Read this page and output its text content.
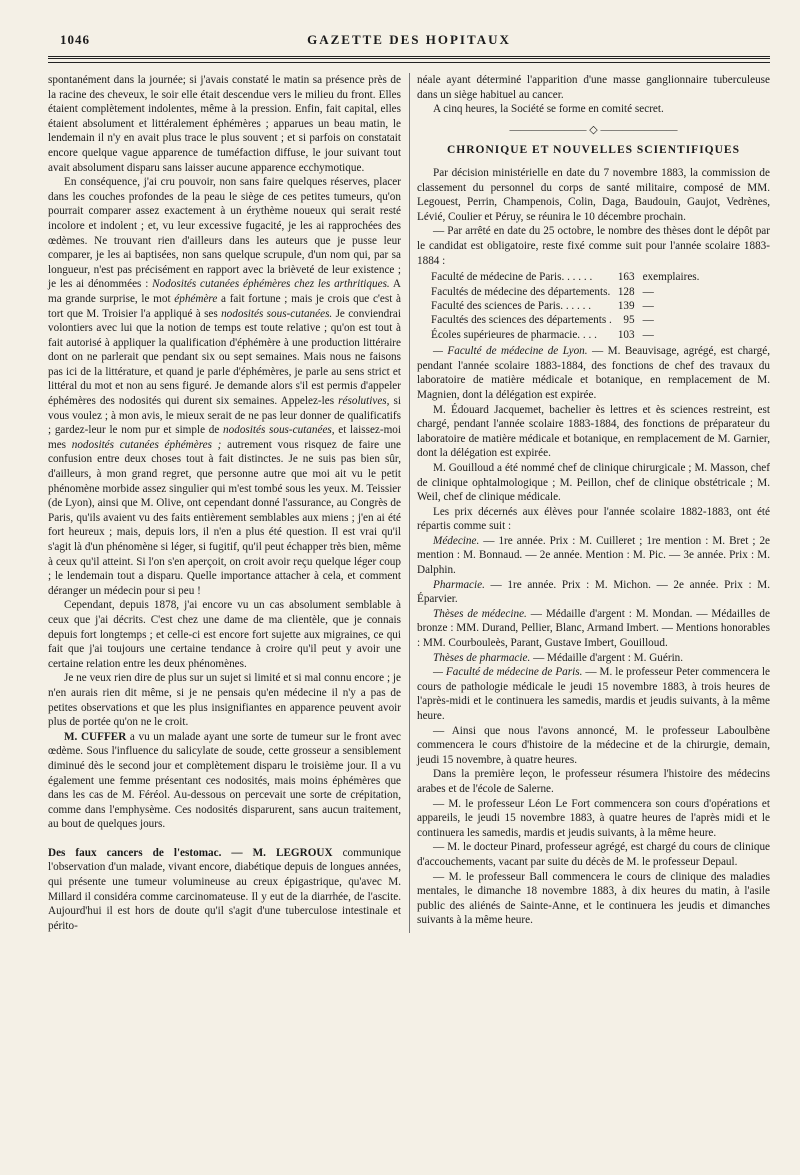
1046	GAZETTE DES HOPITAUX

spontanément dans la journée; si j'avais constaté le matin sa présence près de la racine des cheveux, le soir elle était descendue vers le milieu du front. Elles étaient complètement indolentes, même à la pression. Enfin, fait capital, elles étaient absolument et littéralement éphémères ; apparues un beau matin, le lendemain il n'y en avait plus trace le plus souvent ; et si parfois on constatait encore quelque vague apparence de tuméfaction diffuse, le jour suivant tout avait absolument disparu sans laisser aucune apparence ecchymotique.

En conséquence, j'ai cru pouvoir, non sans faire quelques réserves, placer dans les couches profondes de la peau le siège de ces petites tumeurs, qu'on pourrait comparer assez exactement à un érythème noueux qui serait resté incolore et indolent ; et, vu leur excessive fugacité, je les ai rapprochées des œdèmes. Ne trouvant rien d'ailleurs dans les auteurs que je pusse leur comparer, je les ai baptisées, non sans quelque scrupule, d'un nom qui, par sa longueur, n'est pas précisément en rapport avec la brièveté de leur existence ; je les ai dénommées : Nodosités cutanées éphémères chez les arthritiques. A ma grande surprise, le mot éphémère a fait fortune ; mais je crois que c'est à tort que M. Troisier l'a appliqué à ses nodosités sous-cutanées. Je conviendrai volontiers avec lui que la notion de temps est toute relative ; qu'on est tout à fait autorisé à appliquer la qualification d'éphémère à une production littéraire dont on ne parlerait que pendant six ou sept semaines. Mais nous ne faisons pas ici de la littérature, et quand je parle d'éphémères, je parle au sens strict et littéral du mot et non au sens figuré. Je demande alors s'il est permis d'appeler éphémères des nodosités qui durent six semaines. Appelez-les résolutives, si vous voulez ; à mon avis, le mieux serait de ne pas leur donner de qualificatifs ; gardez-leur le nom pur et simple de nodosités sous-cutanées, et laissez-moi mes nodosités cutanées éphémères ; autrement vous risquez de faire une confusion entre deux choses tout à fait distinctes. Je ne suis pas bien sûr, d'ailleurs, à mon grand regret, que personne autre que moi ait vu le petit phénomène morbide assez singulier qui m'est tombé sous les yeux. M. Teissier (de Lyon), ainsi que M. Olive, ont cependant donné l'assurance, au Congrès de Paris, qu'ils avaient vu des faits entièrement semblables aux miens ; j'en ai été fort heureux ; mais, depuis lors, il n'en a plus été question. Il est vrai qu'il s'agit là d'un phénomène si léger, si fugitif, qu'il peut échapper très bien, même à ceux qu'il atteint. Si l'on s'en aperçoit, on croit avoir reçu quelque léger coup ; le lendemain tout a disparu. Quelle importance attacher à cela, et comment déranger un médecin pour si peu !

Cependant, depuis 1878, j'ai encore vu un cas absolument semblable à ceux que j'ai décrits. C'est chez une dame de ma clientèle, que je connais depuis fort longtemps ; et celle-ci est encore fort sujette aux migraines, ce qui fait que j'ai toujours une certaine tendance à croire qu'il peut y avoir une certaine relation entre les deux phénomènes.

Je ne veux rien dire de plus sur un sujet si limité et si mal connu encore ; je n'en aurais rien dit même, si je ne pensais qu'en médecine il n'y a pas de petites observations et que les plus insignifiantes en apparence peuvent avoir plus de portée qu'on ne le croit.

M. CUFFER a vu un malade ayant une sorte de tumeur sur le front avec œdème. Sous l'influence du salicylate de soude, cette grosseur a sensiblement diminué dès le second jour et complètement disparu le troisième jour. Il a vu également une femme présentant ces nodosités, mais moins éphémères que dans les cas de M. Féréol. Au-dessous on percevait une sorte de crépitation, comme dans l'emphysème. Ces nodosités disparurent, sans aucun traitement, au bout de quelques jours.

Des faux cancers de l'estomac. — M. LEGROUX communique l'observation d'un malade, vivant encore, diabétique depuis de longues années, qui présente une tumeur volumineuse au creux épigastrique, qu'avec M. Millard il considéra comme carcinomateuse. Il y eut de la diarrhée, de l'ascite. Aujourd'hui il est hors de doute qu'il s'agit d'une tuberculose intestinale et périto-

néale ayant déterminé l'apparition d'une masse ganglionnaire tuberculeuse dans un siège habituel au cancer.

A cinq heures, la Société se forme en comité secret.

——————— ◇ ———————
CHRONIQUE ET NOUVELLES SCIENTIFIQUES

Par décision ministérielle en date du 7 novembre 1883, la commission de classement du personnel du corps de santé militaire, composé de MM. Legouest, Perrin, Champenois, Colin, Daga, Baudouin, Gaujot, Vedrènes, Lévié, Coulier et Péruy, se réunira le 10 décembre prochain.

— Par arrêté en date du 25 octobre, le nombre des thèses dont le dépôt par le candidat est obligatoire, reste fixé comme suit pour l'année scolaire 1883-1884 :

Faculté de médecine de Paris. . . . . .	163	exemplaires.
Facultés de médecine des départements.	128	—
Faculté des sciences de Paris. . . . . .	139	—
Facultés des sciences des départements .	95	—
Écoles supérieures de pharmacie. . . .	103	—

— Faculté de médecine de Lyon. — M. Beauvisage, agrégé, est chargé, pendant l'année scolaire 1883-1884, des fonctions de chef des travaux du laboratoire de matière médicale et botanique, en remplacement de M. Magnien, dont la délégation est expirée.

M. Édouard Jacquemet, bachelier ès lettres et ès sciences restreint, est chargé, pendant l'année scolaire 1883-1884, des fonctions de préparateur du laboratoire de matière médicale et botanique, en remplacement de M. Garnier, dont la délégation est expirée.

M. Gouilloud a été nommé chef de clinique chirurgicale ; M. Masson, chef de clinique ophtalmologique ; M. Peillon, chef de clinique obstétricale ; M. Weil, chef de clinique médicale.

Les prix décernés aux élèves pour l'année scolaire 1882-1883, ont été répartis comme suit :

Médecine. — 1re année. Prix : M. Cuilleret ; 1re mention : M. Bret ; 2e mention : M. Bonnaud. — 2e année. Mention : M. Pic. — 3e année. Prix : M. Dalphin.

Pharmacie. — 1re année. Prix : M. Michon. — 2e année. Prix : M. Éparvier.

Thèses de médecine. — Médaille d'argent : M. Mondan. — Médailles de bronze : MM. Durand, Pellier, Blanc, Armand Imbert. — Mentions honorables : MM. Courbouleès, Parant, Gustave Imbert, Gouilloud.

Thèses de pharmacie. — Médaille d'argent : M. Guérin.

— Faculté de médecine de Paris. — M. le professeur Peter commencera le cours de pathologie médicale le jeudi 15 novembre 1883, à trois heures de l'après-midi et le continuera les samedis, mardis et jeudis suivants, à la même heure.

— Ainsi que nous l'avons annoncé, M. le professeur Laboulbène commencera le cours d'histoire de la médecine et de la chirurgie, demain, jeudi 15 novembre, à quatre heures.

Dans la première leçon, le professeur résumera l'histoire des médecins arabes et de l'école de Salerne.

— M. le professeur Léon Le Fort commencera son cours d'opérations et appareils, le jeudi 15 novembre 1883, à quatre heures de l'après midi et le continuera les samedis, mardis et jeudis suivants, à la même heure.

— M. le docteur Pinard, professeur agrégé, est chargé du cours de clinique d'accouchements, vacant par suite du décès de M. le professeur Depaul.

— M. le professeur Ball commencera le cours de clinique des maladies mentales, le dimanche 18 novembre 1883, à dix heures du matin, à l'asile public des aliénés de Sainte-Anne, et le continuera les jeudis et dimanches suivants à la même heure.
